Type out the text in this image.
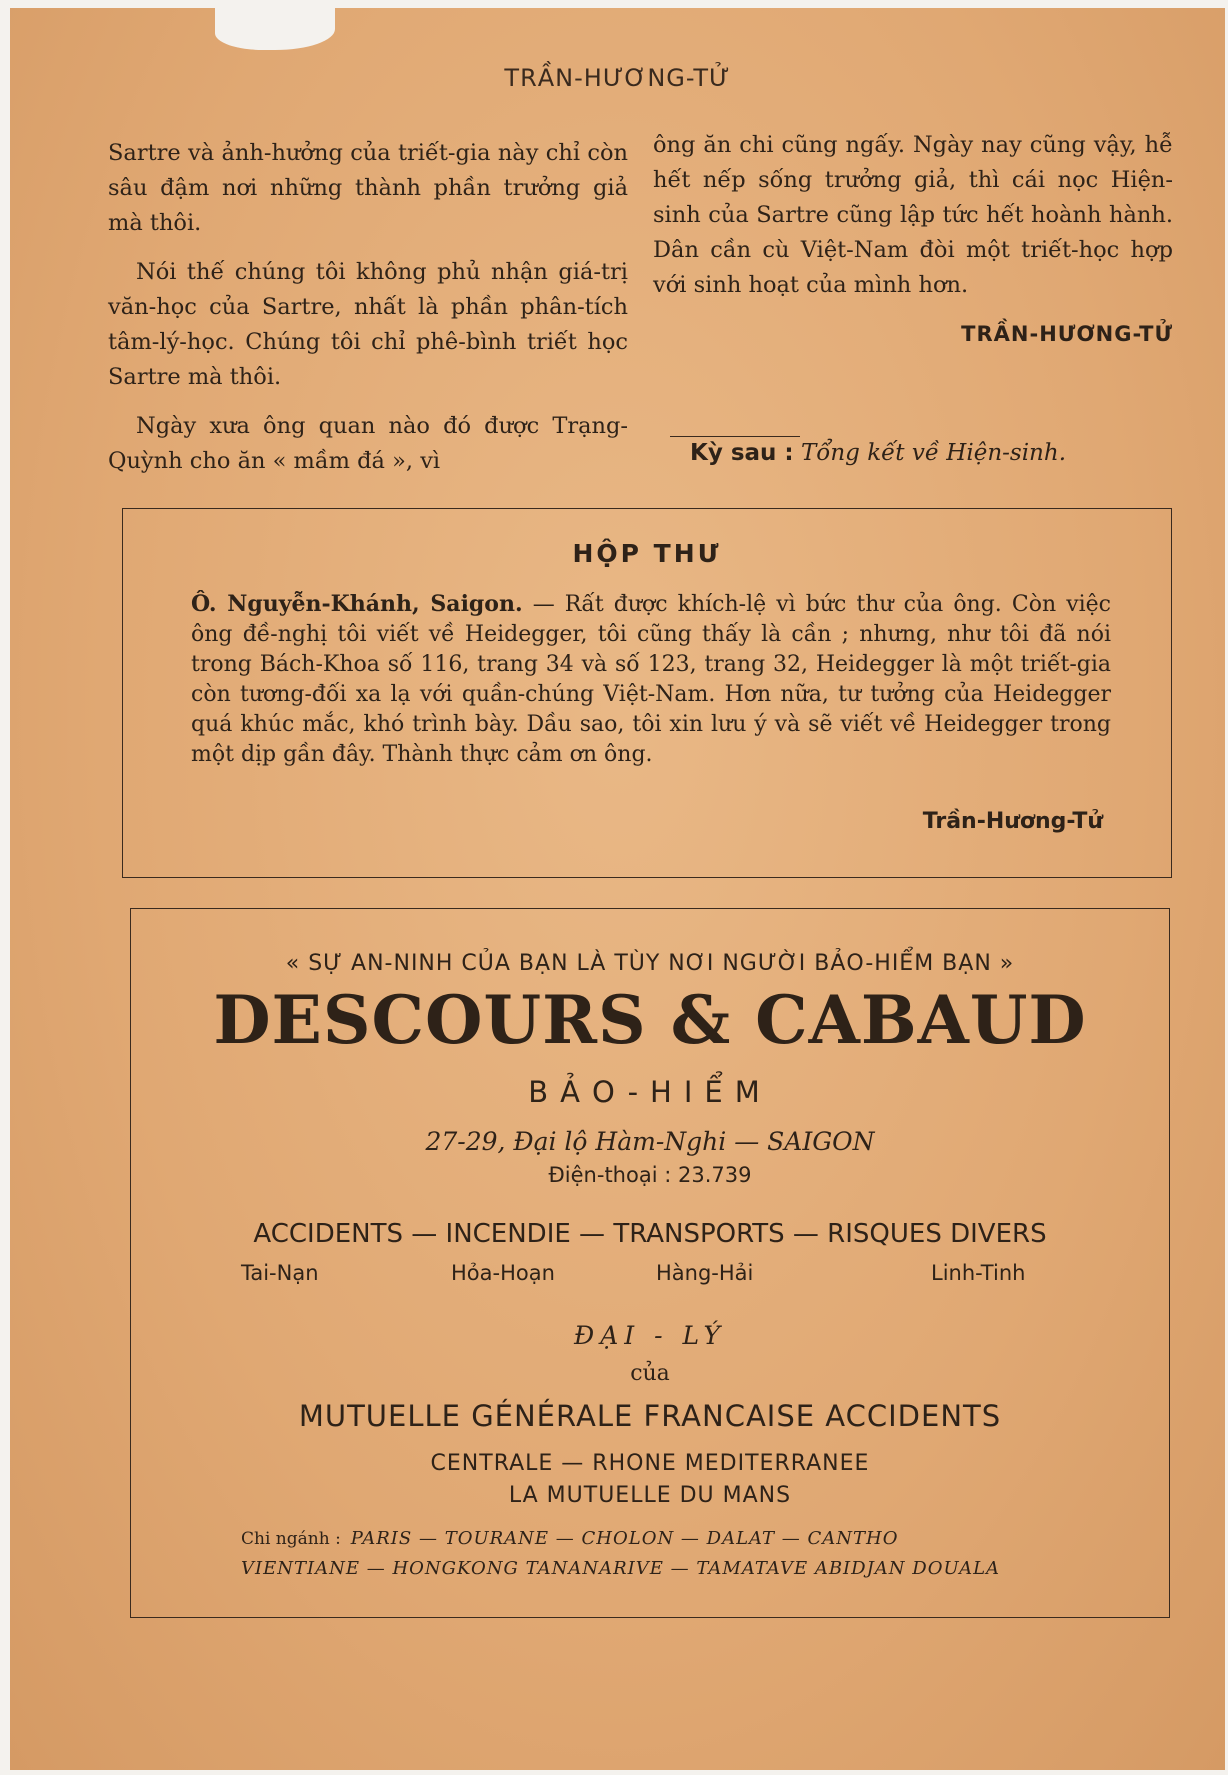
TRẦN-HƯƠNG-TỬ

Sartre và ảnh-hưởng của triết-gia này chỉ còn sâu đậm nơi những thành phần trưởng giả mà thôi.

Nói thế chúng tôi không phủ nhận giá-trị văn-học của Sartre, nhất là phần phân-tích tâm-lý-học. Chúng tôi chỉ phê-bình triết học Sartre mà thôi.

Ngày xưa ông quan nào đó được Trạng-Quỳnh cho ăn « mầm đá », vì

ông ăn chi cũng ngấy. Ngày nay cũng vậy, hễ hết nếp sống trưởng giả, thì cái nọc Hiện-sinh của Sartre cũng lập tức hết hoành hành. Dân cần cù Việt-Nam đòi một triết-học hợp với sinh hoạt của mình hơn.

TRẦN-HƯƠNG-TỬ
Kỳ sau : Tổng kết về Hiện-sinh.
HỘP THƯ
Ô. Nguyễn-Khánh, Saigon. — Rất được khích-lệ vì bức thư của ông. Còn việc ông đề-nghị tôi viết về Heidegger, tôi cũng thấy là cần ; nhưng, như tôi đã nói trong Bách-Khoa số 116, trang 34 và số 123, trang 32, Heidegger là một triết-gia còn tương-đối xa lạ với quần-chúng Việt-Nam. Hơn nữa, tư tưởng của Heidegger quá khúc mắc, khó trình bày. Dầu sao, tôi xin lưu ý và sẽ viết về Heidegger trong một dịp gần đây. Thành thực cảm ơn ông.
Trần-Hương-Tử
« SỰ AN-NINH CỦA BẠN LÀ TÙY NƠI NGƯỜI BẢO-HIỂM BẠN »
DESCOURS & CABAUD
BẢO-HIỂM
27-29, Đại lộ Hàm-Nghi — SAIGON
Điện-thoại : 23.739
ACCIDENTS — INCENDIE — TRANSPORTS — RISQUES DIVERS
Tai-Nạn	Hỏa-Hoạn	Hàng-Hải	Linh-Tinh
ĐẠI - LÝ
của
MUTUELLE GÉNÉRALE FRANCAISE ACCIDENTS
CENTRALE — RHONE MEDITERRANEE
LA MUTUELLE DU MANS
Chi ngánh : PARIS — TOURANE — CHOLON — DALAT — CANTHO
VIENTIANE — HONGKONG TANANARIVE — TAMATAVE ABIDJAN DOUALA
